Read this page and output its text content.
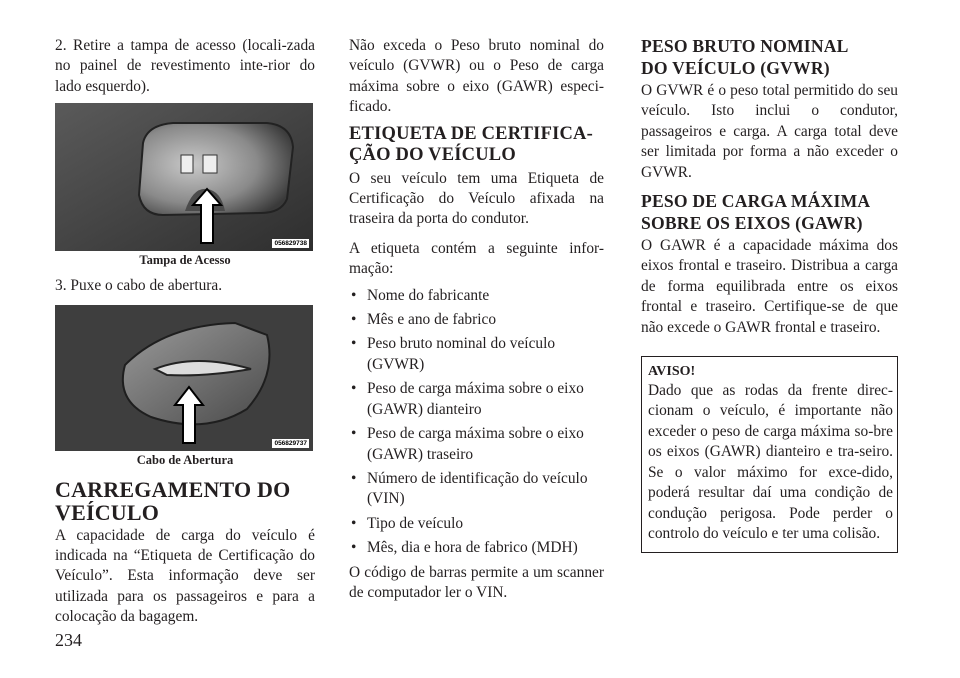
2. Retire a tampa de acesso (locali-zada no painel de revestimento inte-rior do lado esquerdo).

056829738
Tampa de Acesso

3. Puxe o cabo de abertura.

056829737
Cabo de Abertura
CARREGAMENTO DO VEÍCULO

A capacidade de carga do veículo é indicada na “Etiqueta de Certificação do Veículo”. Esta informação deve ser utilizada para os passageiros e para a colocação da bagagem.

Não exceda o Peso bruto nominal do veículo (GVWR) ou o Peso de carga máxima sobre o eixo (GAWR) especi-ficado.

ETIQUETA DE CERTIFICA-ÇÃO DO VEÍCULO

O seu veículo tem uma Etiqueta de Certificação do Veículo afixada na traseira da porta do condutor.

A etiqueta contém a seguinte infor-mação:

• Nome do fabricante
• Mês e ano de fabrico
• Peso bruto nominal do veículo (GVWR)
• Peso de carga máxima sobre o eixo (GAWR) dianteiro
• Peso de carga máxima sobre o eixo (GAWR) traseiro
• Número de identificação do veículo (VIN)
• Tipo de veículo
• Mês, dia e hora de fabrico (MDH)

O código de barras permite a um scanner de computador ler o VIN.

PESO BRUTO NOMINAL DO VEÍCULO (GVWR)

O GVWR é o peso total permitido do seu veículo. Isto inclui o condutor, passageiros e carga. A carga total deve ser limitada por forma a não exceder o GVWR.

PESO DE CARGA MÁXIMA SOBRE OS EIXOS (GAWR)

O GAWR é a capacidade máxima dos eixos frontal e traseiro. Distribua a carga de forma equilibrada entre os eixos frontal e traseiro. Certifique-se de que não excede o GAWR frontal e traseiro.

AVISO!

Dado que as rodas da frente direc-cionam o veículo, é importante não exceder o peso de carga máxima so-bre os eixos (GAWR) dianteiro e tra-seiro. Se o valor máximo for exce-dido, poderá resultar daí uma condição de condução perigosa. Pode perder o controlo do veículo e ter uma colisão.

234
